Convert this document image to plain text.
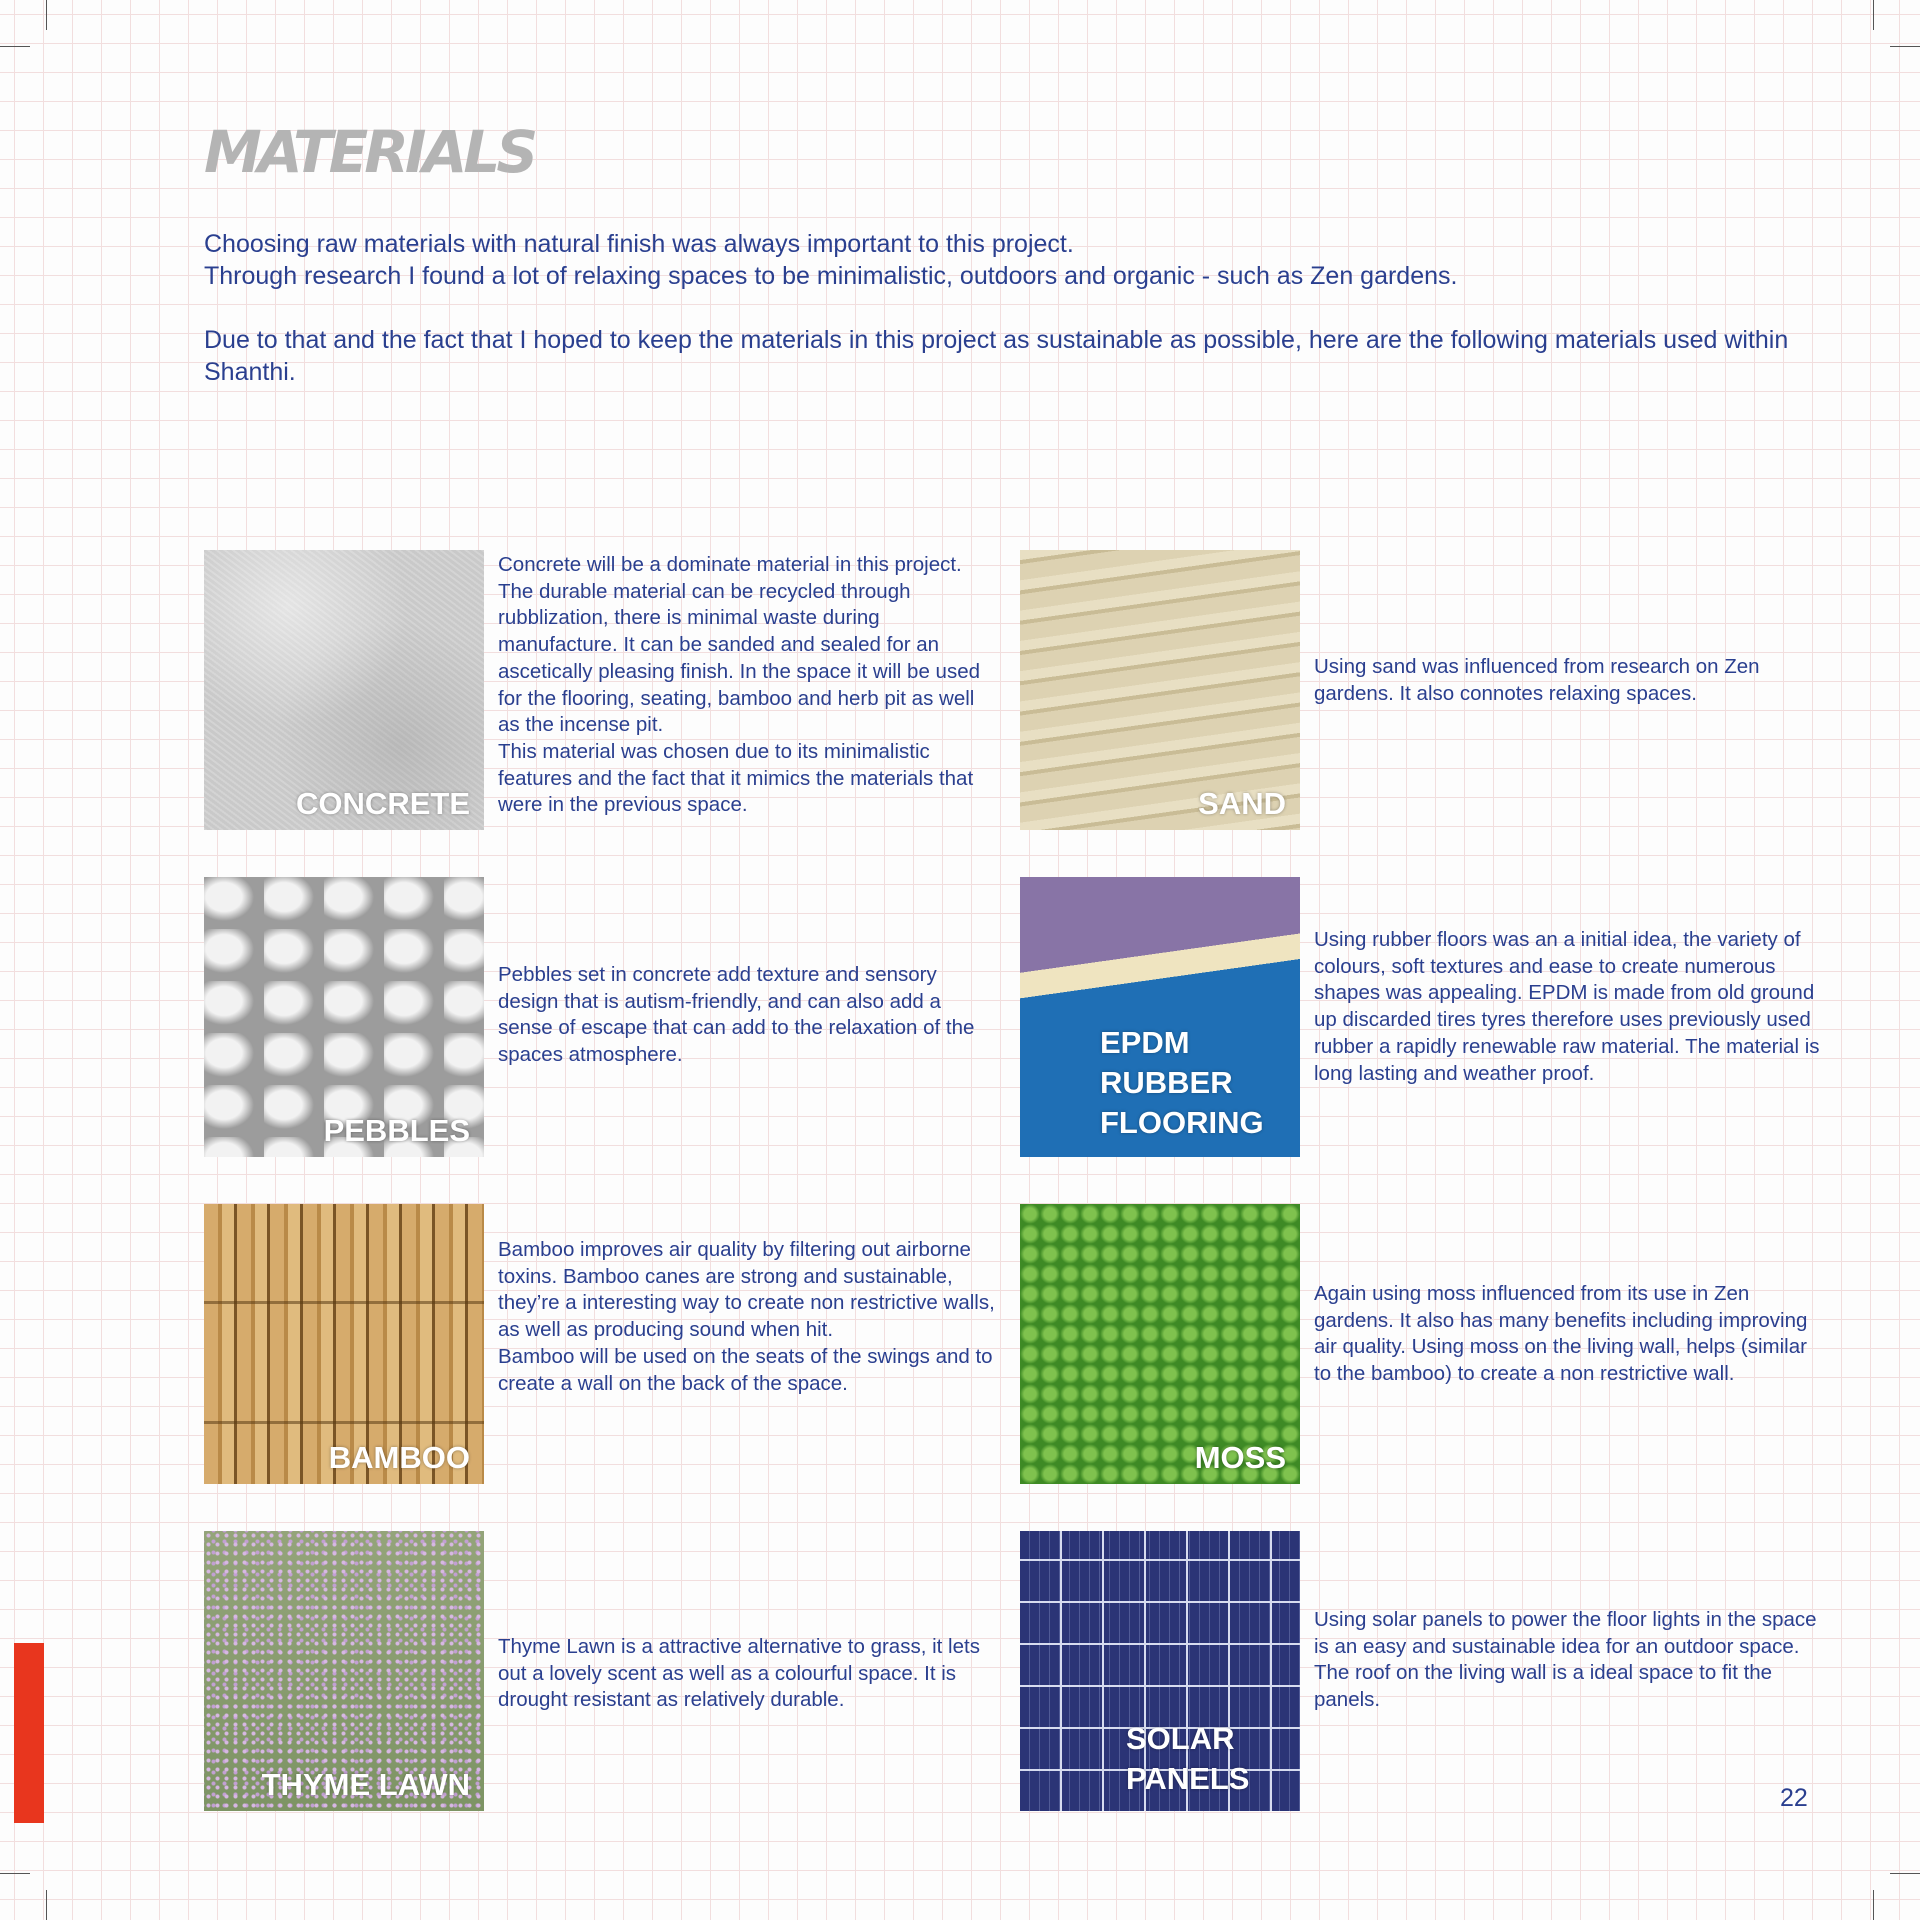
MATERIALS

Choosing raw materials with natural finish was always important to this project.

Through research I found a lot of relaxing spaces to be minimalistic, outdoors and organic - such as Zen gardens.

Due to that and the fact that I hoped to keep the materials in this project as sustainable as possible, here are the following materials used within Shanthi.

CONCRETE

Concrete will be a dominate material in this project. The durable material can be recycled through rubblization, there is minimal waste during manufacture. It can be sanded and sealed for an ascetically pleasing finish. In the space it will be used for the flooring, seating, bamboo and herb pit as well as the incense pit.

This material was chosen due to its minimalistic features and the fact that it mimics the materials that were in the previous space.	SAND

Using sand was influenced from research on Zen gardens. It also connotes relaxing spaces.

PEBBLES

Pebbles set in concrete add texture and sensory design that is autism-friendly, and can also add a sense of escape that can add to the relaxation of the spaces atmosphere.	EPDM
RUBBER
FLOORING

Using rubber floors was an a initial idea, the variety of colours, soft textures and ease to create numerous shapes was appealing. EPDM is made from old ground up discarded tires tyres therefore uses previously used rubber a rapidly renewable raw material. The material is long lasting and weather proof.

BAMBOO

Bamboo improves air quality by filtering out airborne toxins. Bamboo canes are strong and sustainable, they’re a interesting way to create non restrictive walls, as well as producing sound when hit.

Bamboo will be used on the seats of the swings and to create a wall on the back of the space.

MOSS

Again using moss influenced from its use in Zen gardens. It also has many benefits including improving air quality. Using moss on the living wall, helps (similar to the bamboo) to create a non restrictive wall.

THYME LAWN

Thyme Lawn is a attractive alternative to grass, it lets out a lovely scent as well as a colourful space. It is drought resistant as relatively durable.

SOLAR
PANELS

Using solar panels to power the floor lights in the space is an easy and sustainable idea for an outdoor space. The roof on the living wall is a ideal space to fit the panels.

22
